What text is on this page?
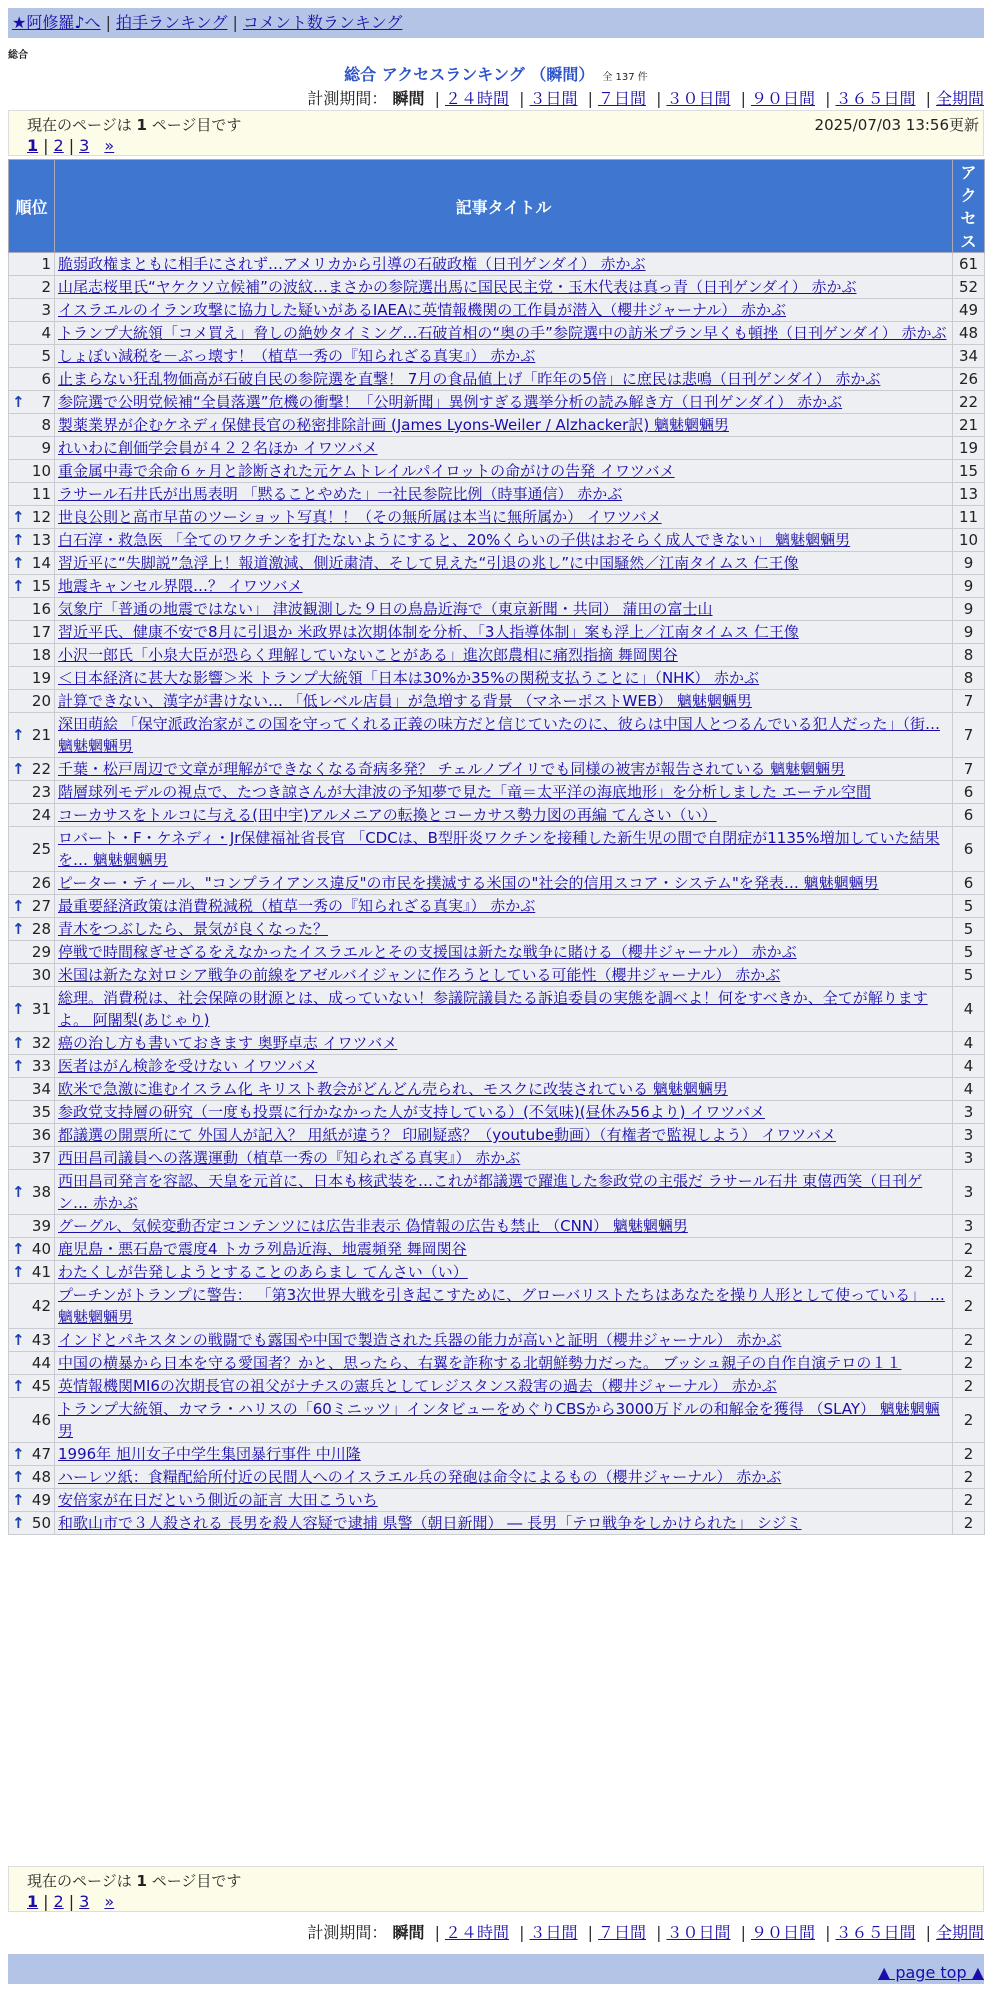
★阿修羅♪へ | 拍手ランキング | コメント数ランキング
総合
総合 アクセスランキング （瞬間） 全 137 件
計測期間： 瞬間 | ２４時間 | ３日間 | ７日間 | ３０日間 | ９０日間 | ３６５日間 | 全期間
現在のページは 1 ページ目です	2025/07/03 13:56更新
1 | 2 | 3 »
順位	記事タイトル	アクセス
1	脆弱政権まともに相手にされず…アメリカから引導の石破政権（日刊ゲンダイ） 赤かぶ	61
2	山尾志桜里氏“ヤケクソ立候補”の波紋…まさかの参院選出馬に国民民主党・玉木代表は真っ青（日刊ゲンダイ） 赤かぶ	52
3	イスラエルのイラン攻撃に協力した疑いがあるIAEAに英情報機関の工作員が潜入（櫻井ジャーナル） 赤かぶ	49
4	トランプ大統領「コメ買え」脅しの絶妙タイミング…石破首相の“奥の手”参院選中の訪米プラン早くも頓挫（日刊ゲンダイ） 赤かぶ	48
5	しょぼい減税を－ぶっ壊す！（植草一秀の『知られざる真実』） 赤かぶ	34
6	止まらない狂乱物価高が石破自民の参院選を直撃！ 7月の食品値上げ「昨年の5倍」に庶民は悲鳴（日刊ゲンダイ） 赤かぶ	26

↑ 7	参院選で公明党候補“全員落選”危機の衝撃！「公明新聞」異例すぎる選挙分析の読み解き方（日刊ゲンダイ） 赤かぶ	22
8	製薬業界が企むケネディ保健長官の秘密排除計画 (James Lyons-Weiler / Alzhacker訳) 魑魅魍魎男	21
9	れいわに創価学会員が４２２名ほか イワツバメ	19
10	重金属中毒で余命６ヶ月と診断された元ケムトレイルパイロットの命がけの告発 イワツバメ	15
11	ラサール石井氏が出馬表明 「黙ることやめた」一社民参院比例（時事通信） 赤かぶ	13

↑ 12	世良公則と高市早苗のツーショット写真！！（その無所属は本当に無所属か） イワツバメ	11

↑ 13	白石淳・救急医 「全てのワクチンを打たないようにすると、20%くらいの子供はおそらく成人できない」 魑魅魍魎男	10

↑ 14	習近平に“失脚説”急浮上！報道激減、側近粛清、そして見えた“引退の兆し”に中国騒然／江南タイムス 仁王像	9

↑ 15	地震キャンセル界隈…？ イワツバメ	9
16	気象庁「普通の地震ではない」 津波観測した９日の鳥島近海で（東京新聞・共同） 蒲田の富士山	9
17	習近平氏、健康不安で8月に引退か 米政界は次期体制を分析、「3人指導体制」案も浮上／江南タイムス 仁王像	9
18	小沢一郎氏「小泉大臣が恐らく理解していないことがある」進次郎農相に痛烈指摘 舞岡関谷	8
19	＜日本経済に甚大な影響＞米 トランプ大統領「日本は30%か35%の関税支払うことに」（NHK） 赤かぶ	8
20	計算できない、漢字が書けない… 「低レベル店員」が急増する背景 （マネーポストWEB） 魑魅魍魎男	7

↑ 21	深田萌絵 「保守派政治家がこの国を守ってくれる正義の味方だと信じていたのに、彼らは中国人とつるんでいる犯人だった」（街… 魑魅魍魎男	7

↑ 22	千葉・松戸周辺で文章が理解ができなくなる奇病多発？ チェルノブイリでも同様の被害が報告されている 魑魅魍魎男	7
23	階層球列モデルの視点で、たつき諒さんが大津波の予知夢で見た「竜＝太平洋の海底地形」を分析しました エーテル空間	6
24	コーカサスをトルコに与える(田中宇)アルメニアの転換とコーカサス勢力図の再編 てんさい（い）	6
25	ロバート・F・ケネディ・Jr保健福祉省長官 「CDCは、B型肝炎ワクチンを接種した新生児の間で自閉症が1135%増加していた結果を… 魑魅魍魎男	6
26	ピーター・ティール、"コンプライアンス違反"の市民を撲滅する米国の"社会的信用スコア・システム"を発表… 魑魅魍魎男	6

↑ 27	最重要経済政策は消費税減税（植草一秀の『知られざる真実』） 赤かぶ	5

↑ 28	青木をつぶしたら、景気が良くなった？	5
29	停戦で時間稼ぎせざるをえなかったイスラエルとその支援国は新たな戦争に賭ける（櫻井ジャーナル） 赤かぶ	5
30	米国は新たな対ロシア戦争の前線をアゼルバイジャンに作ろうとしている可能性（櫻井ジャーナル） 赤かぶ	5

↑ 31	総理。消費税は、社会保障の財源とは、成っていない！参議院議員たる訴追委員の実態を調べよ！何をすべきか、全てが解りますよ。 阿闍梨(あじゃり)	4

↑ 32	癌の治し方も書いておきます 奥野卓志 イワツバメ	4

↑ 33	医者はがん検診を受けない イワツバメ	4
34	欧米で急激に進むイスラム化 キリスト教会がどんどん売られ、モスクに改装されている 魑魅魍魎男	4
35	参政党支持層の研究（一度も投票に行かなかった人が支持している）(不気味)(昼休み56より) イワツバメ	3
36	都議選の開票所にて 外国人が記入？ 用紙が違う？ 印刷疑惑？（youtube動画）（有権者で監視しよう） イワツバメ	3
37	西田昌司議員への落選運動（植草一秀の『知られざる真実』） 赤かぶ	3

↑ 38	西田昌司発言を容認、天皇を元首に、日本も核武装を…これが都議選で躍進した参政党の主張だ ラサール石井 東僖西笑（日刊ゲン… 赤かぶ	3
39	グーグル、気候変動否定コンテンツには広告非表示 偽情報の広告も禁止 （CNN） 魑魅魍魎男	3

↑ 40	鹿児島・悪石島で震度4 トカラ列島近海、地震頻発 舞岡関谷	2

↑ 41	わたくしが告発しようとすることのあらまし てんさい（い）	2
42	プーチンがトランプに警告： 「第3次世界大戦を引き起こすために、グローバリストたちはあなたを操り人形として使っている」 … 魑魅魍魎男	2

↑ 43	インドとパキスタンの戦闘でも露国や中国で製造された兵器の能力が高いと証明（櫻井ジャーナル） 赤かぶ	2
44	中国の横暴から日本を守る愛国者？かと、思ったら、右翼を詐称する北朝鮮勢力だった。 ブッシュ親子の自作自演テロの１１	2

↑ 45	英情報機関MI6の次期長官の祖父がナチスの憲兵としてレジスタンス殺害の過去（櫻井ジャーナル） 赤かぶ	2
46	トランプ大統領、カマラ・ハリスの「60ミニッツ」インタビューをめぐりCBSから3000万ドルの和解金を獲得 （SLAY） 魑魅魍魎男	2

↑ 47	1996年 旭川女子中学生集団暴行事件 中川隆	2

↑ 48	ハーレツ紙：食糧配給所付近の民間人へのイスラエル兵の発砲は命令によるもの（櫻井ジャーナル） 赤かぶ	2

↑ 49	安倍家が在日だという側近の証言 大田こういち	2

↑ 50	和歌山市で３人殺される 長男を殺人容疑で逮捕 県警（朝日新聞） ― 長男「テロ戦争をしかけられた」 シジミ	2
現在のページは 1 ページ目です
1 | 2 | 3 »
計測期間： 瞬間 | ２４時間 | ３日間 | ７日間 | ３０日間 | ９０日間 | ３６５日間 | 全期間
▲ page top ▲
